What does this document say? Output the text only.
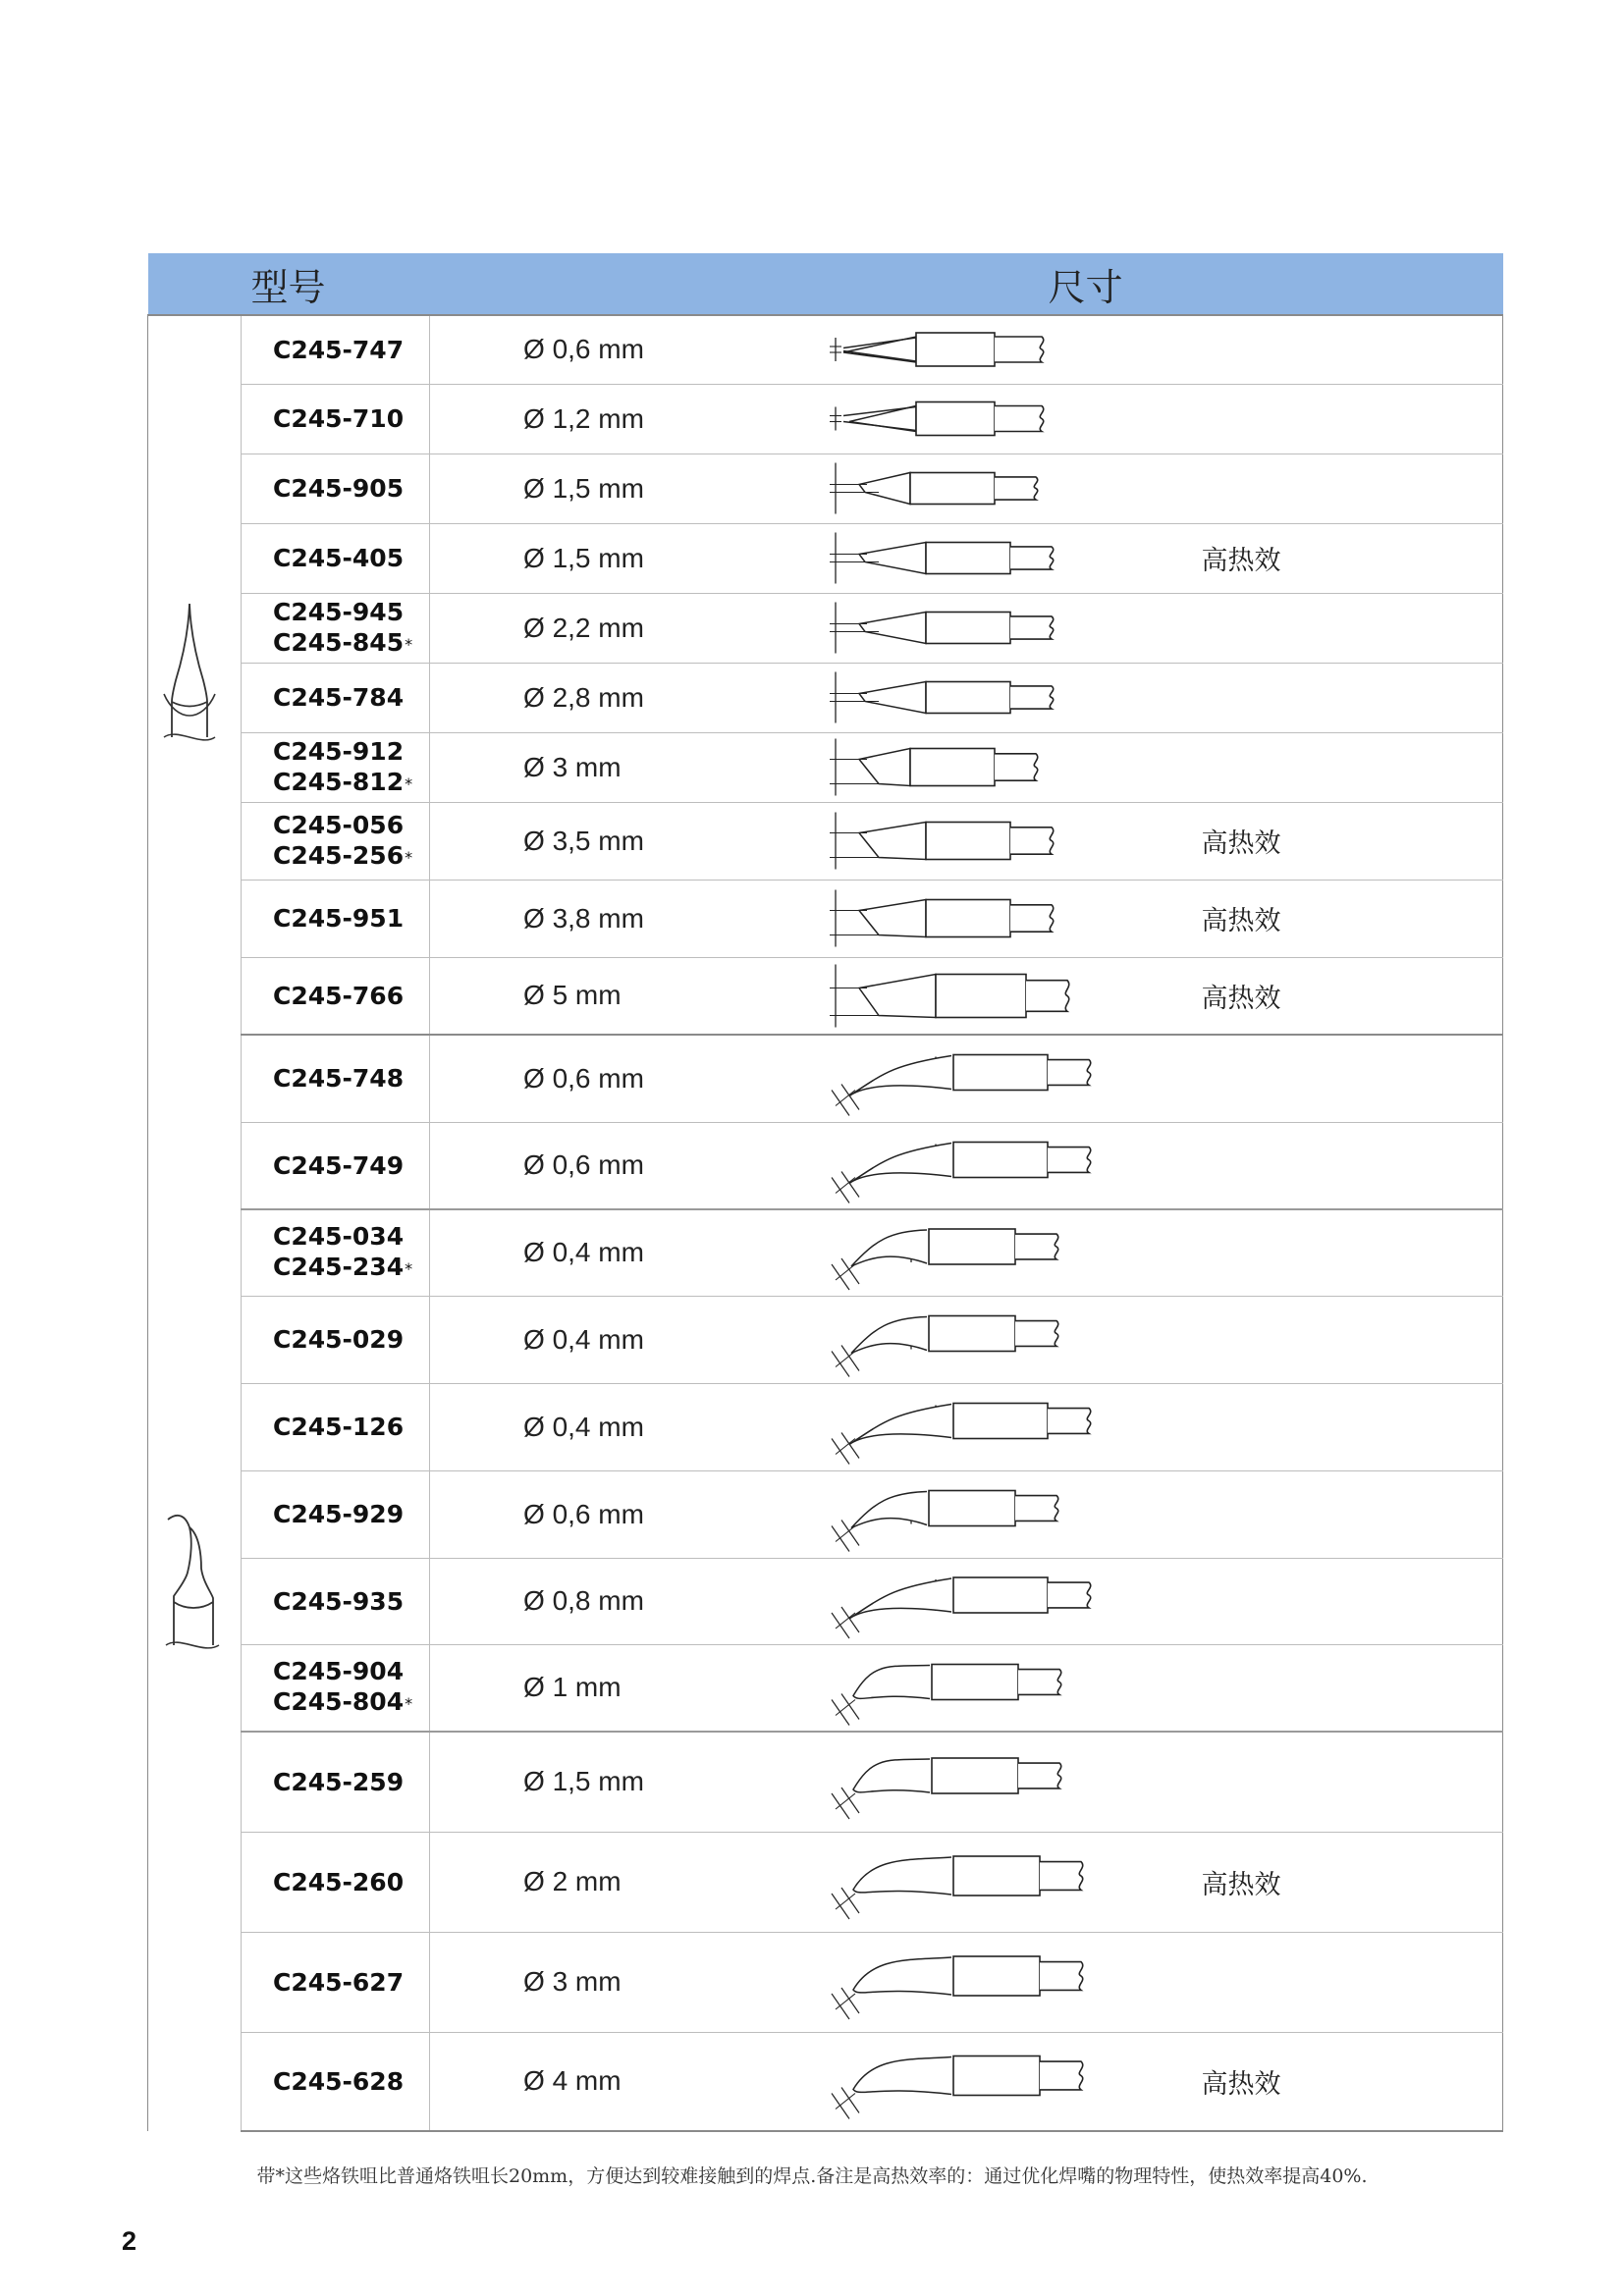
型号		尺寸		

C245-747	Ø 0,6 mm	

	C245-710	Ø 1,2 mm	

	C245-905	Ø 1,5 mm	

	C245-405	Ø 1,5 mm		高热效

	C245-945
C245-845*	Ø 2,2 mm	

	C245-784	Ø 2,8 mm	

	C245-912
C245-812*	Ø 3 mm	

	C245-056
C245-256*	Ø 3,5 mm		高热效

	C245-951	Ø 3,8 mm		高热效

	C245-766	Ø 5 mm		高热效

C245-748	Ø 0,6 mm	

	C245-749	Ø 0,6 mm	

	C245-034
C245-234*	Ø 0,4 mm	

	C245-029	Ø 0,4 mm	

	C245-126	Ø 0,4 mm	

	C245-929	Ø 0,6 mm	

	C245-935	Ø 0,8 mm	

	C245-904
C245-804*	Ø 1 mm	

	C245-259	Ø 1,5 mm	

	C245-260	Ø 2 mm		高热效

	C245-627	Ø 3 mm	

	C245-628	Ø 4 mm		高热效
带*这些烙铁咀比普通烙铁咀长20mm，方便达到较难接触到的焊点.备注是高热效率的：通过优化焊嘴的物理特性，使热效率提高40%.
2
